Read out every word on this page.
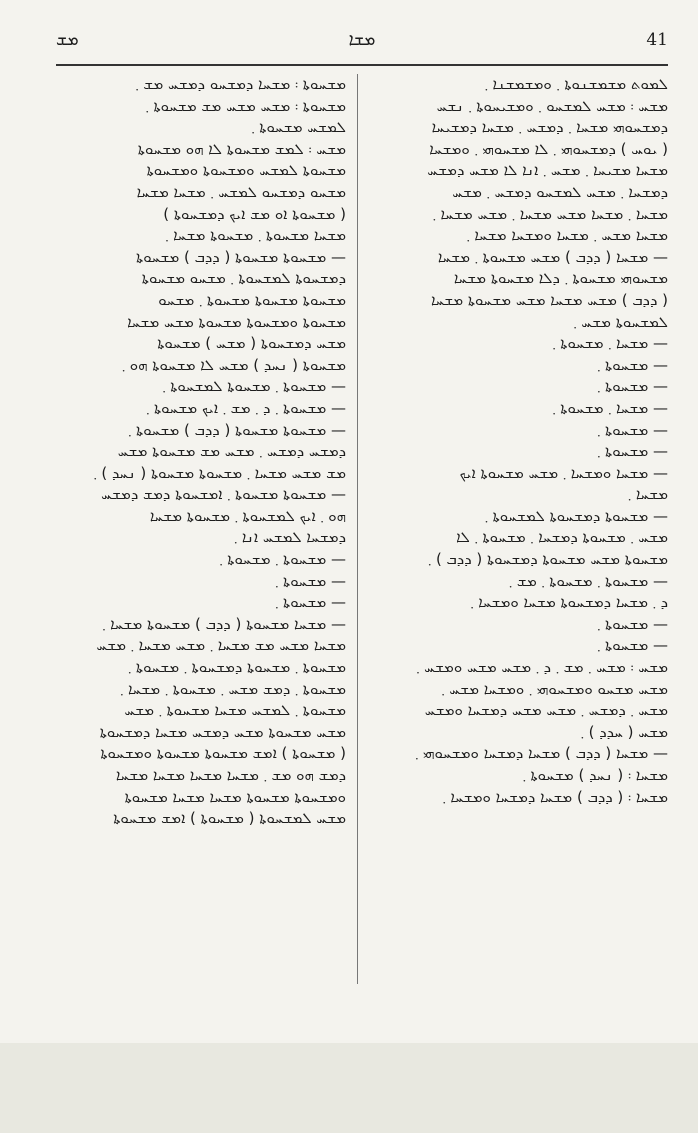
ܡܫ	ܡܫܐ	41
ܠܡܘܬ ܡܫܡܫܢܘܬܐ ܂ ܘܡܫܡܫܢܐ ܂
ܡܫܚ ܃ ܡܫܚ ܠܡܫܚܘ ܂ ܘܡܫܝܚܘܬܐ ܂ ܢܫܚ
ܕܡܫܚܘܗܝ ܡܫܚܐ ܂ ܕܡܫܚ ܂ ܡܫܚܐ ܕܡܫܝܚܐ
( ܝܘܚ ) ܕܡܫܚܘܗܝ ܂ ܠܐ ܡܫܚܘܗܝ ܂ ܘܡܫܚܐ
ܡܫܚܐ ܡܫܝܚܐ ܂ ܡܫܚ ܂ ܐܢܐ ܠܐ ܡܫܚ ܕܡܫܚ
ܕܡܫܚܐ ܂ ܡܫܚ ܠܡܫܚܘ ܕܡܫܚ ܂ ܡܫܚ
ܡܫܚܐ ܂ ܡܫܚܐ ܡܫܚ ܡܫܚܐ ܂ ܡܫܚ ܡܫܚܐ ܂
ܡܫܚܐ ܡܫܚ ܂ ܡܫܚܐ ܘܡܫܚܐ ܡܫܚܐ ܂
— ܡܫܚܐ ( ܕܕܒ ) ܡܫܚ ܡܫܚܘܬܐ ܂ ܡܫܚܐ
ܡܫܚܘܗܝ ܡܫܚܘܬܐ ܂ ܕܠܐ ܡܫܚܘܬܐ ܡܫܚܐ
( ܕܕܒ ) ܡܫܚ ܡܫܚܐ ܡܫܚ ܡܫܚܘܬܐ ܡܫܚܐ
ܠܡܫܚܘܬܐ ܡܫܚ ܂
— ܡܫܚܐ ܂ ܡܫܚܘܬܐ ܂
— ܡܫܚܘܬܐ ܂
— ܡܫܚܘܬܐ ܂
— ܡܫܚܐ ܂ ܡܫܚܘܬܐ ܂
— ܡܫܚܘܬܐ ܂
— ܡܫܚܘܬܐ ܂
— ܡܫܚܐ ܘܡܫܚܐ ܂ ܡܫܚ ܡܫܚܘܬܐ ܐܝܟ
ܡܫܚܐ ܂
— ܡܫܚܘܬܐ ܕܡܫܚܘܬܐ ܠܡܫܚܘܬܐ ܂
ܡܫܚ ܂ ܡܫܚܘܬܐ ܕܡܫܚܐ ܂ ܡܫܚܘܬܐ ܂ ܠܐ
ܡܫܚܘܬܐ ܡܫܚ ܡܫܚܘܬܐ ܕܡܫܚܘܬܐ ( ܕܕܒ ) ܂
— ܡܫܚܘܬܐ ܂ ܡܫܚܘܬܐ ܂ ܡܫ ܂
ܕ ܂ ܡܫܚܐ ܕܡܫܚܘܬܐ ܡܫܚܐ ܘܡܫܚܐ ܂
— ܡܫܚܘܬܐ ܂
— ܡܫܚܘܬܐ ܂
ܡܫܚ ܃ ܡܫܚ ܂ ܡܫ ܂ ܕ ܂ ܡܫܚ ܡܫܚ ܘܡܫܚ ܂
ܡܫܚ ܡܫܚܘ ܘܡܫܚܘܗܝ ܂ ܘܡܫܚܐ ܡܫܚ ܂
ܡܫܚ ܂ ܕܡܫܚ ܂ ܡܫܚ ܡܫܚ ܕܡܫܚܐ ܘܡܫܚ
ܡܫܚ ( ܚܕܕ ) ܂
— ܡܫܚܐ ( ܕܕܒ ) ܡܫܚܐ ܕܡܫܚܐ ܘܡܫܚܘܗܝ ܂
ܡܫܚܐ ܃ ( ܢܚܕ ) ܡܫܚܘܬܐ ܂
ܡܫܚܐ ܃ ( ܕܕܒ ) ܡܫܚܐ ܕܡܫܚܐ ܘܡܫܚܐ ܂
ܡܫܚܘܬܐ ܃ ܡܫܚܐ ܕܡܫܚܘ ܕܡܫܚ ܡܫ ܂
ܡܫܚܘܬܐ ܃ ܡܫܚ ܡܫܚ ܡܫ ܡܫܚܘܬܐ ܂
ܠܡܫܚ ܡܫܚܘܬܐ ܂
ܡܫܚ ܃ ܠܡܫ ܡܫܚܘܬܐ ܠܐ ܗܘ ܡܫܚܘܬܐ
ܡܫܚܘܬܐ ܠܡܫܚ ܘܡܫܚܘܬܐ ܘܡܫܚܘܬܐ
ܡܫܚܘ ܕܡܫܚܘ ܠܡܫܚ ܂ ܡܫܚܐ ܡܫܚܐ
( ܡܫܚܘܬܐ ܐܘ ܡܫ ܐܝܟ ܕܡܫܚܘܬܐ )
ܡܫܚܐ ܡܫܚܘܬܐ ܂ ܡܫܚܘܬܐ ܡܫܚܐ ܂
— ܡܫܚܘܬܐ ܡܫܚܘܬܐ ( ܕܕܒ ) ܡܫܚܘܬܐ
ܕܡܫܚܘܬܐ ܠܡܫܚܘܬܐ ܂ ܡܫܚܘ ܡܫܚܘܬܐ
ܡܫܚܘܬܐ ܡܫܚܘܬܐ ܡܫܚܘܬܐ ܂ ܡܫܚܘ
ܡܫܚܘܬܐ ܘܡܫܚܘܬܐ ܡܫܚܘܬܐ ܡܫܚ ܡܫܚܐ
ܡܫܚ ܕܡܫܚܘܬܐ ( ܡܫܚ ) ܡܫܚܘܬܐ
ܡܫܚܘܬܐ ( ܢܚܕ ) ܡܫܚ ܠܐ ܡܫܚܘܬܐ ܗܘ ܂
— ܡܫܚܘܬܐ ܂ ܡܫܚܘܬܐ ܠܡܫܚܘܬܐ ܂
— ܡܫܚܘܬܐ ܂ ܕ ܂ ܡܫ ܂ ܐܝܟ ܡܫܚܘܬܐ ܂
— ܡܫܚܘܬܐ ܡܫܚܘܬܐ ( ܕܕܒ ) ܡܫܚܘܬܐ ܂
ܕܡܫܚ ܕܡܫܚ ܂ ܡܫܚ ܡܫ ܡܫܚܘܬܐ ܡܫܚ
ܡܫ ܡܫܚ ܡܫܚܐ ܂ ܡܫܚܘܬܐ ܡܫܚܘܬܐ ( ܢܚܕ ) ܂
— ܡܫܚܘܬܐ ܡܫܚܘܬܐ ܂ ܐܡܫܚܘܬܐ ܕܡܫ ܕܡܫܚ
ܗܘ ܂ ܐܝܟ ܠܡܫܚܘܬܐ ܂ ܡܫܚܘܬܐ ܡܫܚܐ
ܕܡܫܚܐ ܠܡܫܚ ܐܢܐ ܂
— ܡܫܚܘܬܐ ܂ ܡܫܚܘܬܐ ܂
— ܡܫܚܘܬܐ ܂
— ܡܫܚܘܬܐ ܂
— ܡܫܚܐ ܡܫܚܘܬܐ ( ܕܕܒ ) ܡܫܚܘܬܐ ܡܫܚܐ ܂
ܡܫܚܐ ܡܫܚ ܡܫ ܡܫܚܐ ܂ ܡܫܚ ܡܫܚܐ ܂ ܡܫܚ
ܡܫܚܘܬܐ ܂ ܡܫܚܘܬܐ ܕܡܫܚܘܬܐ ܂ ܡܫܚܘܬܐ ܂
ܡܫܚܘܬܐ ܂ ܕܡܫ ܡܫܚ ܂ ܡܫܚܘܬܐ ܂ ܡܫܚܐ ܂
ܡܫܚܘܬܐ ܂ ܠܡܫܚ ܡܫܚܐ ܡܫܚܘܬܐ ܂ ܡܫܚ
ܡܫܚ ܡܫܚܘܬܐ ܡܫܚ ܕܡܫܚ ܡܫܚܐ ܕܡܫܚܘܬܐ
( ܡܫܚܘܬܐ ) ܐܡܫ ܡܫܚܘܬܐ ܡܫܚܘܬܐ ܘܡܫܚܘܬܐ
ܕܡܫ ܗܘ ܡܫ ܂ ܡܫܚܐ ܡܫܚܐ ܡܫܚܐ ܡܫܚܐ
ܘܡܫܚܘܬܐ ܡܫܚܘܬܐ ܡܫܚܐ ܡܫܚܐ ܡܫܚܘܬܐ
ܡܫܚ ܠܡܫܚܘܬܐ ( ܡܫܚܘܬܐ ) ܐܡܫ ܡܫܚܘܬܐ
